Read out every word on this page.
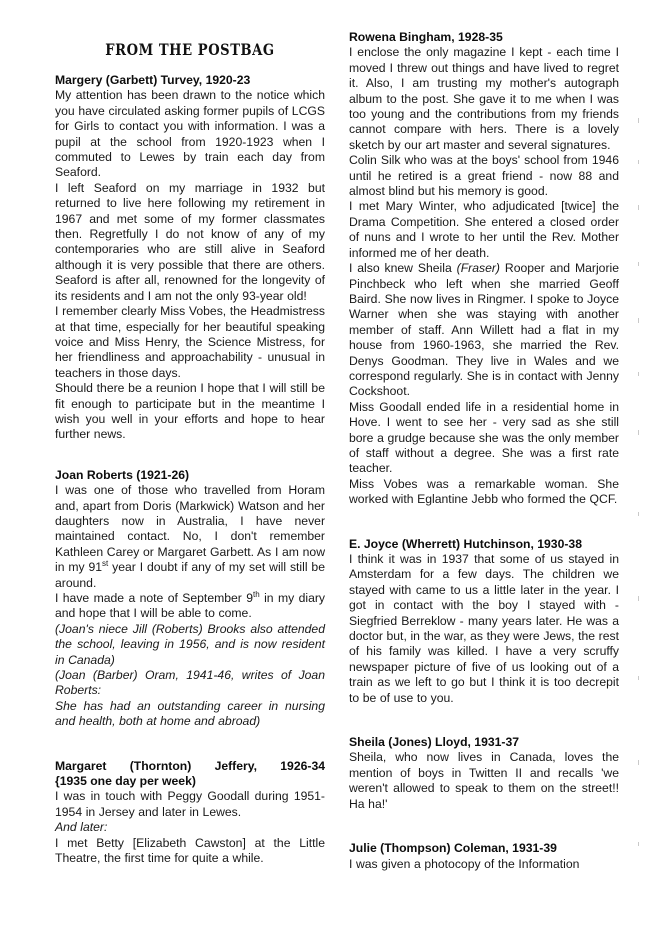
FROM THE POSTBAG

Margery (Garbett) Turvey, 1920-23

My attention has been drawn to the notice which you have circulated asking former pupils of LCGS for Girls to contact you with information. I was a pupil at the school from 1920-1923 when I commuted to Lewes by train each day from Seaford.

I left Seaford on my marriage in 1932 but returned to live here following my retirement in 1967 and met some of my former classmates then. Regretfully I do not know of any of my contemporaries who are still alive in Seaford although it is very possible that there are others. Seaford is after all, renowned for the longevity of its residents and I am not the only 93-year old!

I remember clearly Miss Vobes, the Headmistress at that time, especially for her beautiful speaking voice and Miss Henry, the Science Mistress, for her friendliness and approachability - unusual in teachers in those days.

Should there be a reunion I hope that I will still be fit enough to participate but in the meantime I wish you well in your efforts and hope to hear further news.

Joan Roberts (1921-26)

I was one of those who travelled from Horam and, apart from Doris (Markwick) Watson and her daughters now in Australia, I have never maintained contact. No, I don't remember Kathleen Carey or Margaret Garbett. As I am now in my 91st year I doubt if any of my set will still be around.

I have made a note of September 9th in my diary and hope that I will be able to come.

(Joan's niece Jill (Roberts) Brooks also attended the school, leaving in 1956, and is now resident in Canada)

(Joan (Barber) Oram, 1941-46, writes of Joan Roberts:

She has had an outstanding career in nursing and health, both at home and abroad)

Margaret (Thornton) Jeffery, 1926-34

{1935 one day per week)

I was in touch with Peggy Goodall during 1951-1954 in Jersey and later in Lewes.

And later:

I met Betty [Elizabeth Cawston] at the Little Theatre, the first time for quite a while.

Rowena Bingham, 1928-35

I enclose the only magazine I kept - each time I moved I threw out things and have lived to regret it. Also, I am trusting my mother's autograph album to the post. She gave it to me when I was too young and the contributions from my friends cannot compare with hers. There is a lovely sketch by our art master and several signatures.

Colin Silk who was at the boys' school from 1946 until he retired is a great friend - now 88 and almost blind but his memory is good.

I met Mary Winter, who adjudicated [twice] the Drama Competition. She entered a closed order of nuns and I wrote to her until the Rev. Mother informed me of her death.

I also knew Sheila (Fraser) Rooper and Marjorie Pinchbeck who left when she married Geoff Baird. She now lives in Ringmer. I spoke to Joyce Warner when she was staying with another member of staff. Ann Willett had a flat in my house from 1960-1963, she married the Rev. Denys Goodman. They live in Wales and we correspond regularly. She is in contact with Jenny Cockshoot.

Miss Goodall ended life in a residential home in Hove. I went to see her - very sad as she still bore a grudge because she was the only member of staff without a degree. She was a first rate teacher.

Miss Vobes was a remarkable woman. She worked with Eglantine Jebb who formed the QCF.

E. Joyce (Wherrett) Hutchinson, 1930-38

I think it was in 1937 that some of us stayed in Amsterdam for a few days. The children we stayed with came to us a little later in the year. I got in contact with the boy I stayed with - Siegfried Berreklow - many years later. He was a doctor but, in the war, as they were Jews, the rest of his family was killed. I have a very scruffy newspaper picture of five of us looking out of a train as we left to go but I think it is too decrepit to be of use to you.

Sheila (Jones) Lloyd, 1931-37

Sheila, who now lives in Canada, loves the mention of boys in Twitten II and recalls 'we weren't allowed to speak to them on the street!! Ha ha!'

Julie (Thompson) Coleman, 1931-39

I was given a photocopy of the Information
